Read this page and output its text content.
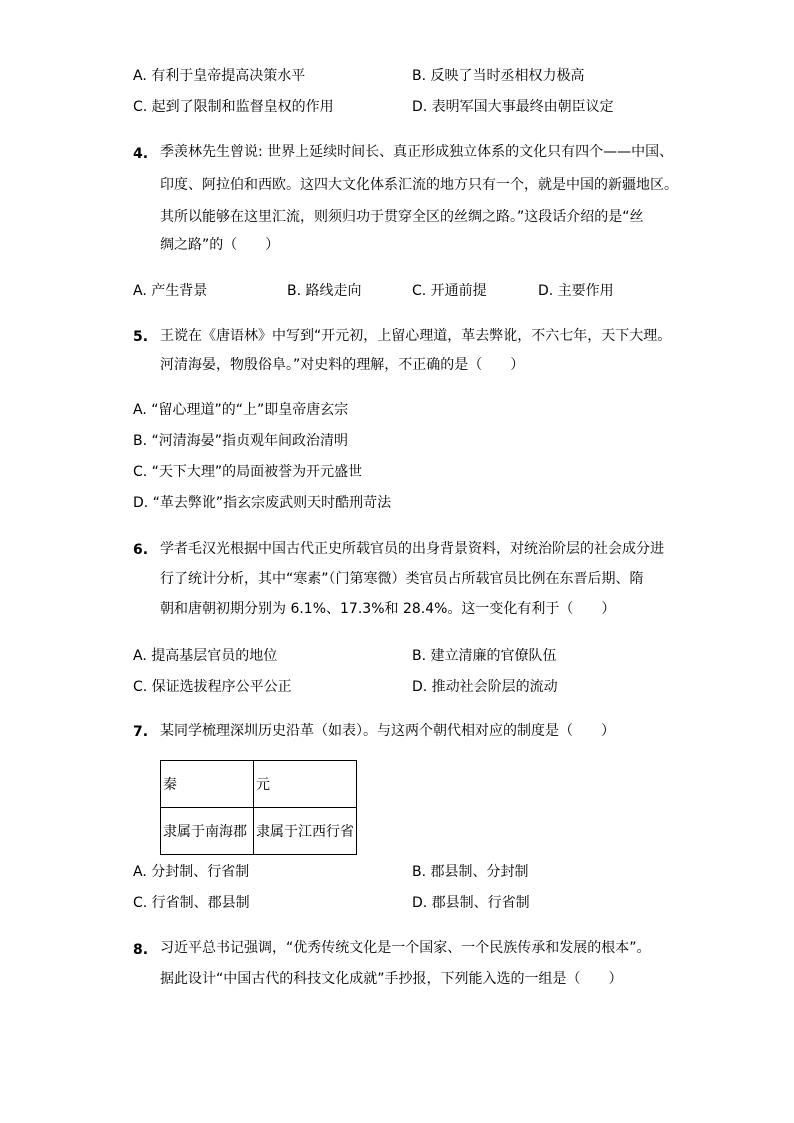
A. 有利于皇帝提高决策水平	B. 反映了当时丞相权力极高
C. 起到了限制和监督皇权的作用	D. 表明军国大事最终由朝臣议定
4. 季羡林先生曾说: 世界上延续时间长、真正形成独立体系的文化只有四个——中国、
印度、阿拉伯和西欧。这四大文化体系汇流的地方只有一个，就是中国的新疆地区。
其所以能够在这里汇流，则须归功于贯穿全区的丝绸之路。”这段话介绍的是“丝
绸之路”的（　　）
A. 产生背景	B. 路线走向	C. 开通前提	D. 主要作用
5. 王谠在《唐语林》中写到“开元初，上留心理道，革去弊讹，不六七年，天下大理。
河清海晏，物殷俗阜。”对史料的理解，不正确的是（　　）
A. “留心理道”的“上”即皇帝唐玄宗
B. “河清海晏”指贞观年间政治清明
C. “天下大理”的局面被誉为开元盛世
D. “革去弊讹”指玄宗废武则天时酷刑苛法
6. 学者毛汉光根据中国古代正史所载官员的出身背景资料，对统治阶层的社会成分进
行了统计分析，其中“寒素”（门第寒微）类官员占所载官员比例在东晋后期、隋
朝和唐朝初期分别为 6.1%、17.3%和 28.4%。这一变化有利于（　　）
A. 提高基层官员的地位	B. 建立清廉的官僚队伍
C. 保证选拔程序公平公正	D. 推动社会阶层的流动
7. 某同学梳理深圳历史沿革（如表）。与这两个朝代相对应的制度是（　　）
秦	元
隶属于南海郡	隶属于江西行省
A. 分封制、行省制	B. 郡县制、分封制
C. 行省制、郡县制	D. 郡县制、行省制
8. 习近平总书记强调，“优秀传统文化是一个国家、一个民族传承和发展的根本”。
据此设计“中国古代的科技文化成就”手抄报，下列能入选的一组是（　　）
